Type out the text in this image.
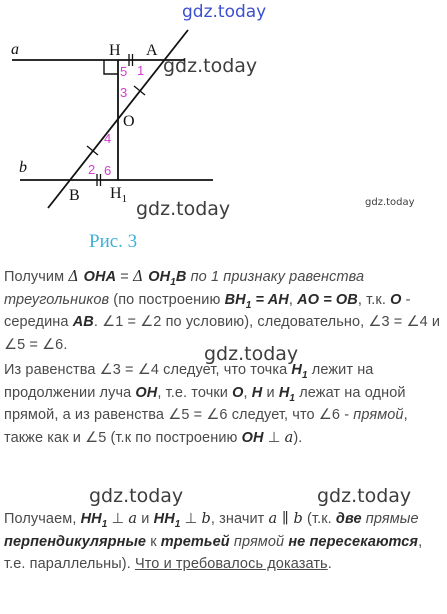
gdz.today
gdz.today
gdz.today	gdz.today
a
b
H A
O
B $H_1$
5 1
3
4
2 6
Рис. 3
Получим Δ OHA = Δ $OH_1B$ по 1 признаку равенства треугольников (по построению $BH_1$ = AH, AO = OB, т.к. O - середина AB. ∠1 = ∠2 по условию), следовательно, ∠3 = ∠4 и ∠5 = ∠6.	gdz.today
Из равенства ∠3 = ∠4 следует, что точка $H_1$ лежит на продолжении луча OH, т.е. точки O, H и $H_1$ лежат на одной прямой, а из равенства ∠5 = ∠6 следует, что ∠6 - прямой, также как и ∠5 (т.к по построению OH ⊥ a).
gdz.today	gdz.today
Получаем, $HH_1$ ⊥ a и $HH_1$ ⊥ b, значит a ∥ b (т.к. две прямые перпендикулярные к третьей прямой не пересекаются, т.е. параллельны). Что и требовалось доказать.
